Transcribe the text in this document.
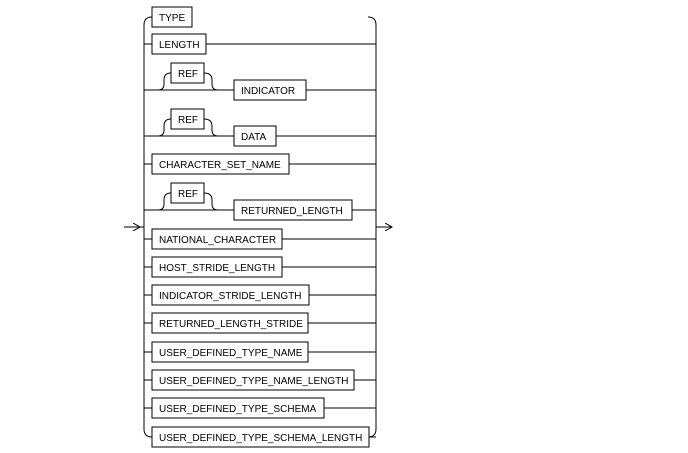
TYPE
LENGTH
REF
INDICATOR
REF
DATA
CHARACTER_SET_NAME
REF
RETURNED_LENGTH
NATIONAL_CHARACTER
HOST_STRIDE_LENGTH
INDICATOR_STRIDE_LENGTH
RETURNED_LENGTH_STRIDE
USER_DEFINED_TYPE_NAME
USER_DEFINED_TYPE_NAME_LENGTH
USER_DEFINED_TYPE_SCHEMA
USER_DEFINED_TYPE_SCHEMA_LENGTH
